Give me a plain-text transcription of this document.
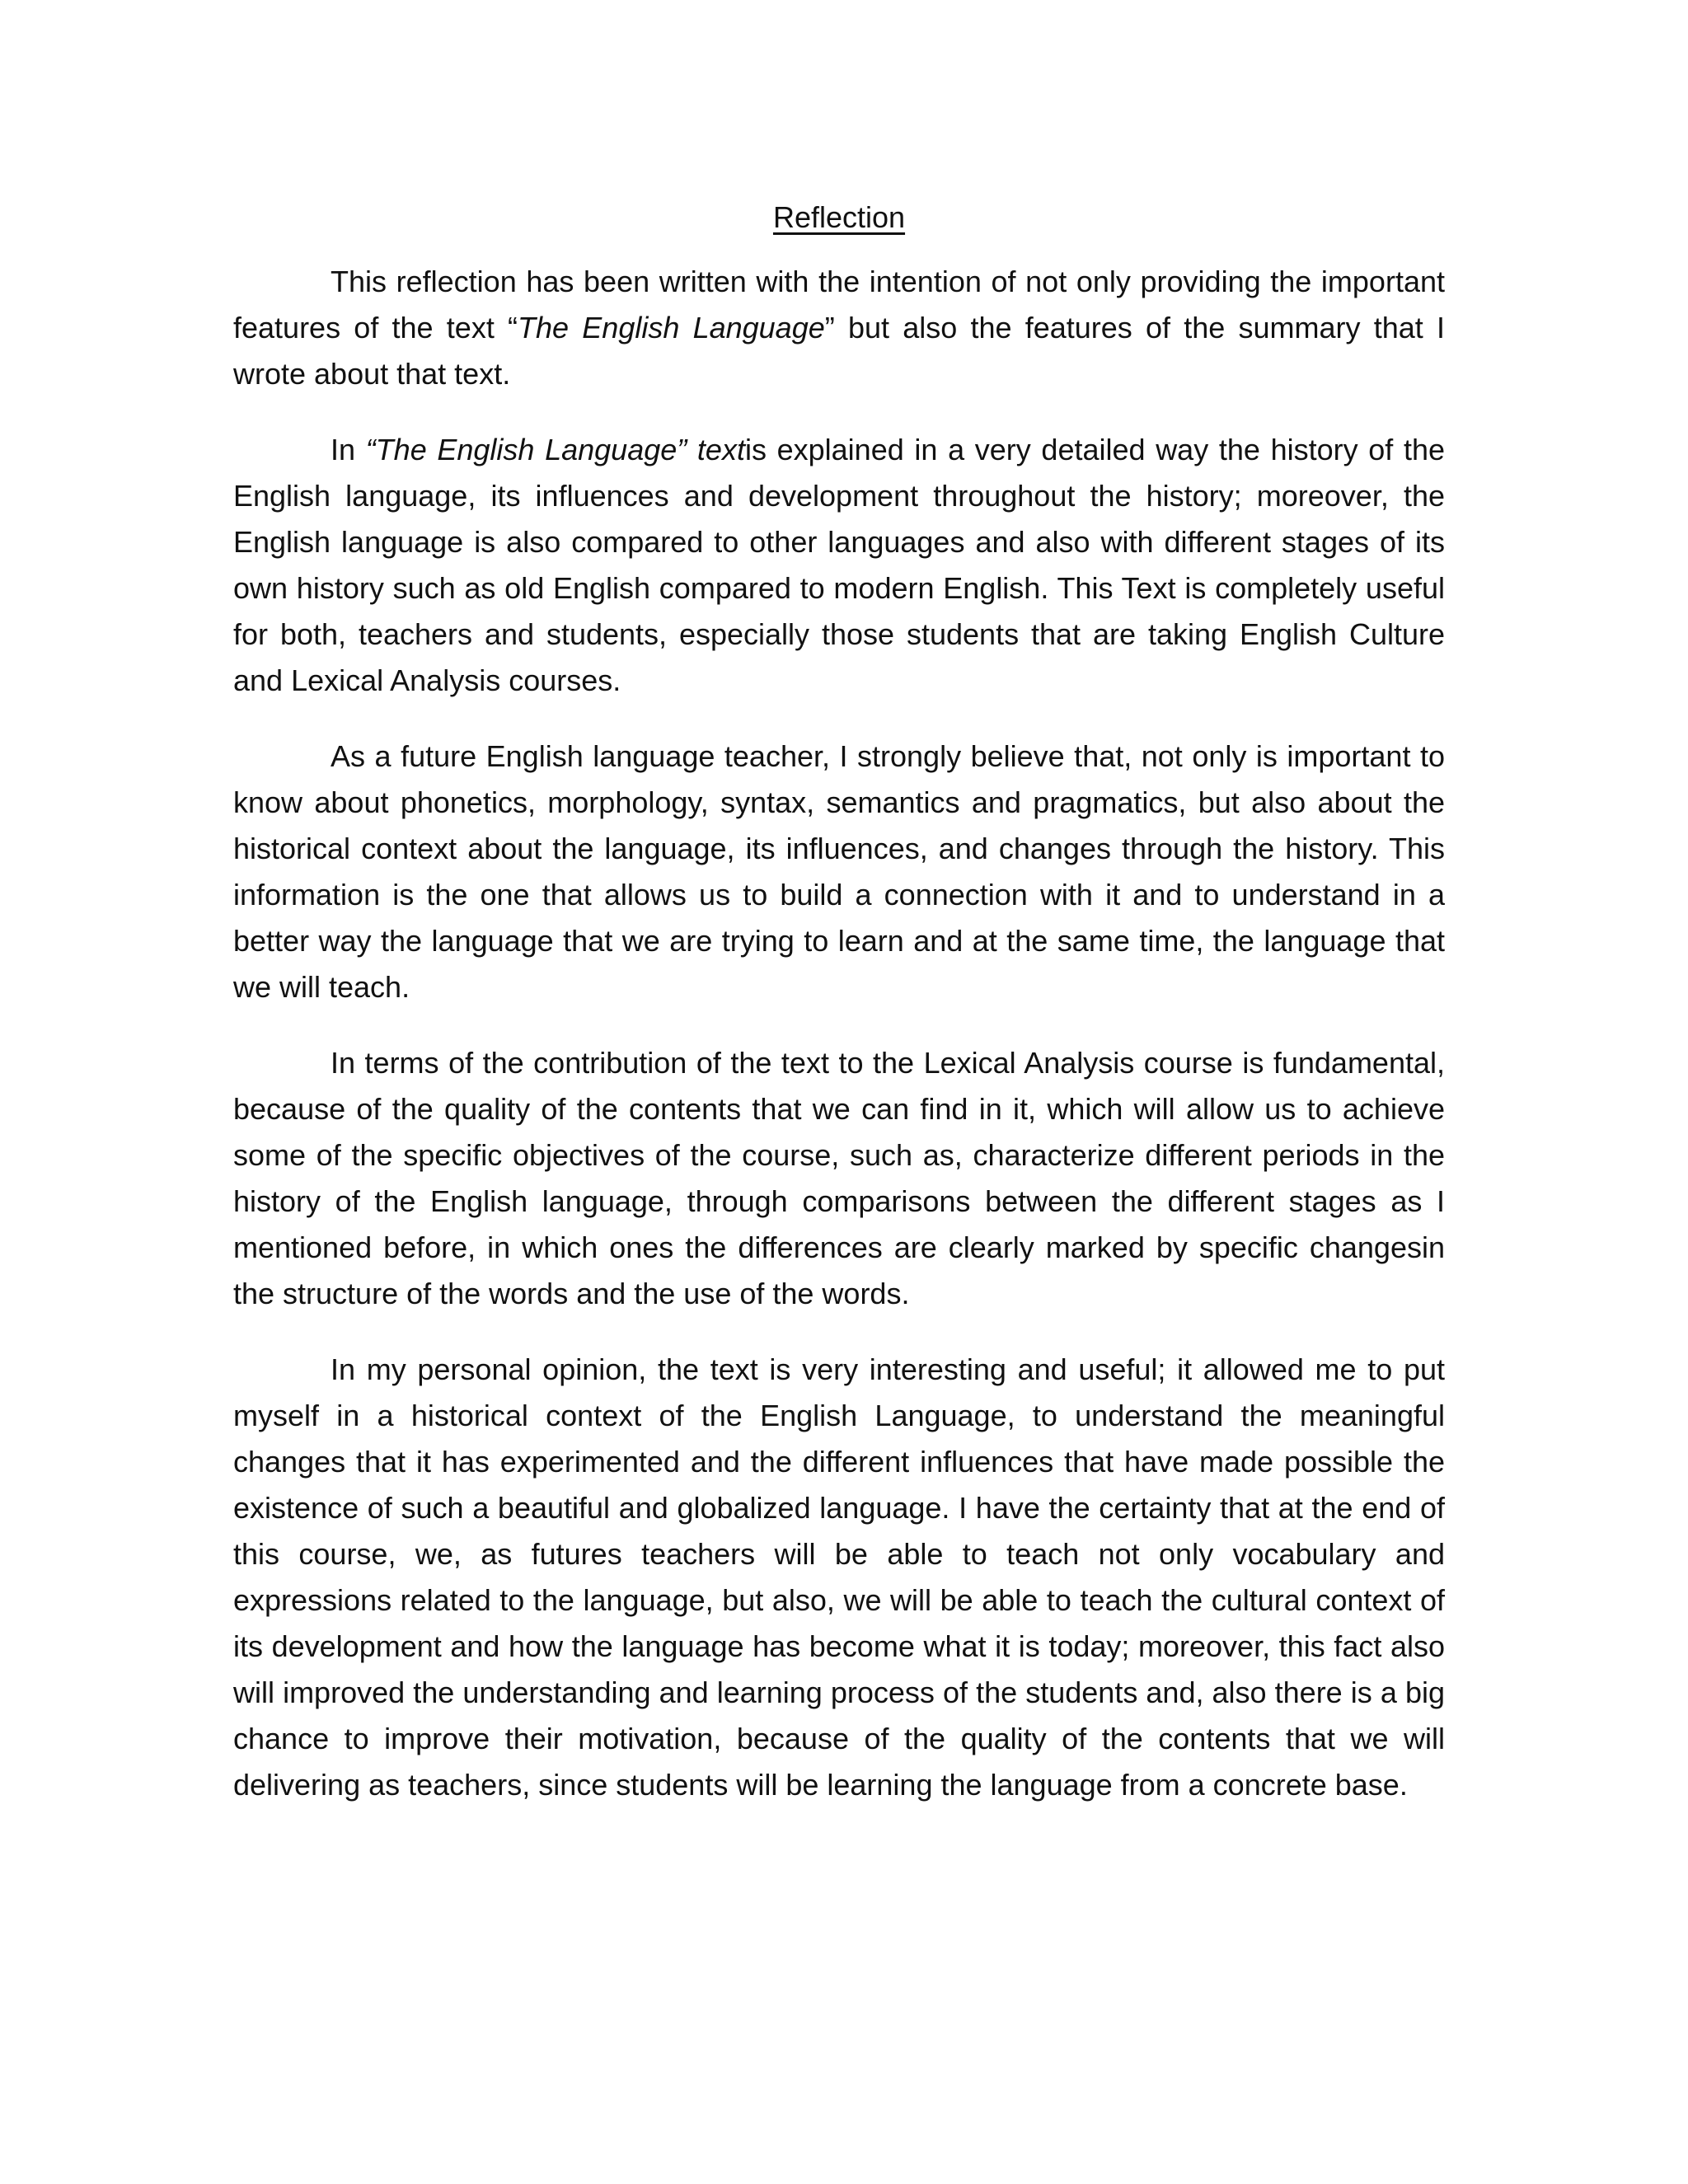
Reflection

This reflection has been written with the intention of not only providing the important features of the text “The English Language” but also the features of the summary that I wrote about that text.

In “The English Language” textis explained in a very detailed way the history of the English language, its influences and development throughout the history; moreover, the English language is also compared to other languages and also with different stages of its own history such as old English compared to modern English. This Text is completely useful for both, teachers and students, especially those students that are taking English Culture and Lexical Analysis courses.

As a future English language teacher, I strongly believe that, not only is important to know about phonetics, morphology, syntax, semantics and pragmatics, but also about the historical context about the language, its influences, and changes through the history. This information is the one that allows us to build a connection with it and to understand in a better way the language that we are trying to learn and at the same time, the language that we will teach.

In terms of the contribution of the text to the Lexical Analysis course is fundamental, because of the quality of the contents that we can find in it, which will allow us to achieve some of the specific objectives of the course, such as, characterize different periods in the history of the English language, through comparisons between the different stages as I mentioned before, in which ones the differences are clearly marked by specific changesin the structure of the words and the use of the words.

In my personal opinion, the text is very interesting and useful; it allowed me to put myself in a historical context of the English Language, to understand the meaningful changes that it has experimented and the different influences that have made possible the existence of such a beautiful and globalized language. I have the certainty that at the end of this course, we, as futures teachers will be able to teach not only vocabulary and expressions related to the language, but also, we will be able to teach the cultural context of its development and how the language has become what it is today; moreover, this fact also will improved the understanding and learning process of the students and, also there is a big chance to improve their motivation, because of the quality of the contents that we will delivering as teachers, since students will be learning the language from a concrete base.
